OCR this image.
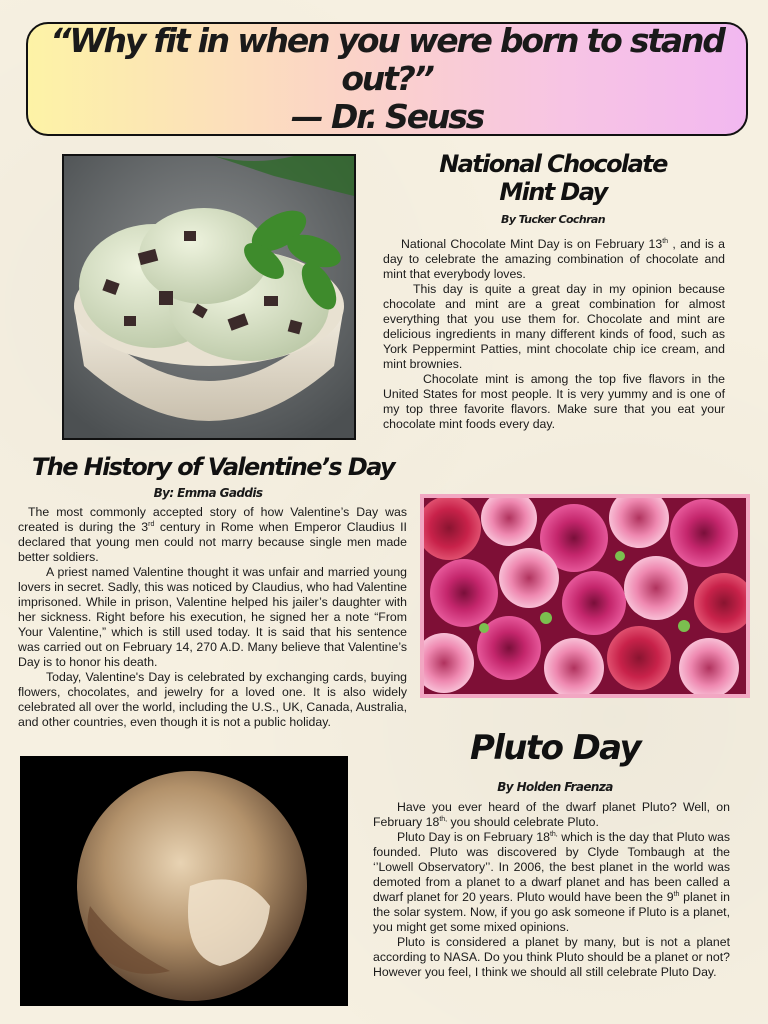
“Why fit in when you were born to stand out?”
— Dr. Seuss
National Chocolate
Mint Day
By Tucker Cochran

National Chocolate Mint Day is on February 13th , and is a day to celebrate the amazing combination of chocolate and mint that everybody loves.

This day is quite a great day in my opinion because chocolate and mint are a great combination for almost everything that you use them for. Chocolate and mint are delicious ingredients in many different kinds of food, such as York Peppermint Patties, mint chocolate chip ice cream, and mint brownies.

Chocolate mint is among the top five flavors in the United States for most people. It is very yummy and is one of my top three favorite flavors. Make sure that you eat your chocolate mint foods every day.

The History of Valentine’s Day
By: Emma Gaddis

The most commonly accepted story of how Valentine’s Day was created is during the 3rd century in Rome when Emperor Claudius II declared that young men could not marry because single men made better soldiers.

A priest named Valentine thought it was unfair and married young lovers in secret. Sadly, this was noticed by Claudius, who had Valentine imprisoned. While in prison, Valentine helped his jailer’s daughter with her sickness. Right before his execution, he signed her a note “From Your Valentine,” which is still used today. It is said that his sentence was carried out on February 14, 270 A.D. Many believe that Valentine’s Day is to honor his death.

Today, Valentine's Day is celebrated by exchanging cards, buying flowers, chocolates, and jewelry for a loved one. It is also widely celebrated all over the world, including the U.S., UK, Canada, Australia, and other countries, even though it is not a public holiday.

Pluto Day
By Holden Fraenza

Have you ever heard of the dwarf planet Pluto? Well, on February $18^{th,}$ you should celebrate Pluto.

Pluto Day is on February $18^{th,}$ which is the day that Pluto was founded. Pluto was discovered by Clyde Tombaugh at the ‘’Lowell Observatory’’. In 2006, the best planet in the world was demoted from a planet to a dwarf planet and has been called a dwarf planet for 20 years. Pluto would have been the 9th planet in the solar system. Now, if you go ask someone if Pluto is a planet, you might get some mixed opinions.

Pluto is considered a planet by many, but is not a planet according to NASA. Do you think Pluto should be a planet or not? However you feel, I think we should all still celebrate Pluto Day.
